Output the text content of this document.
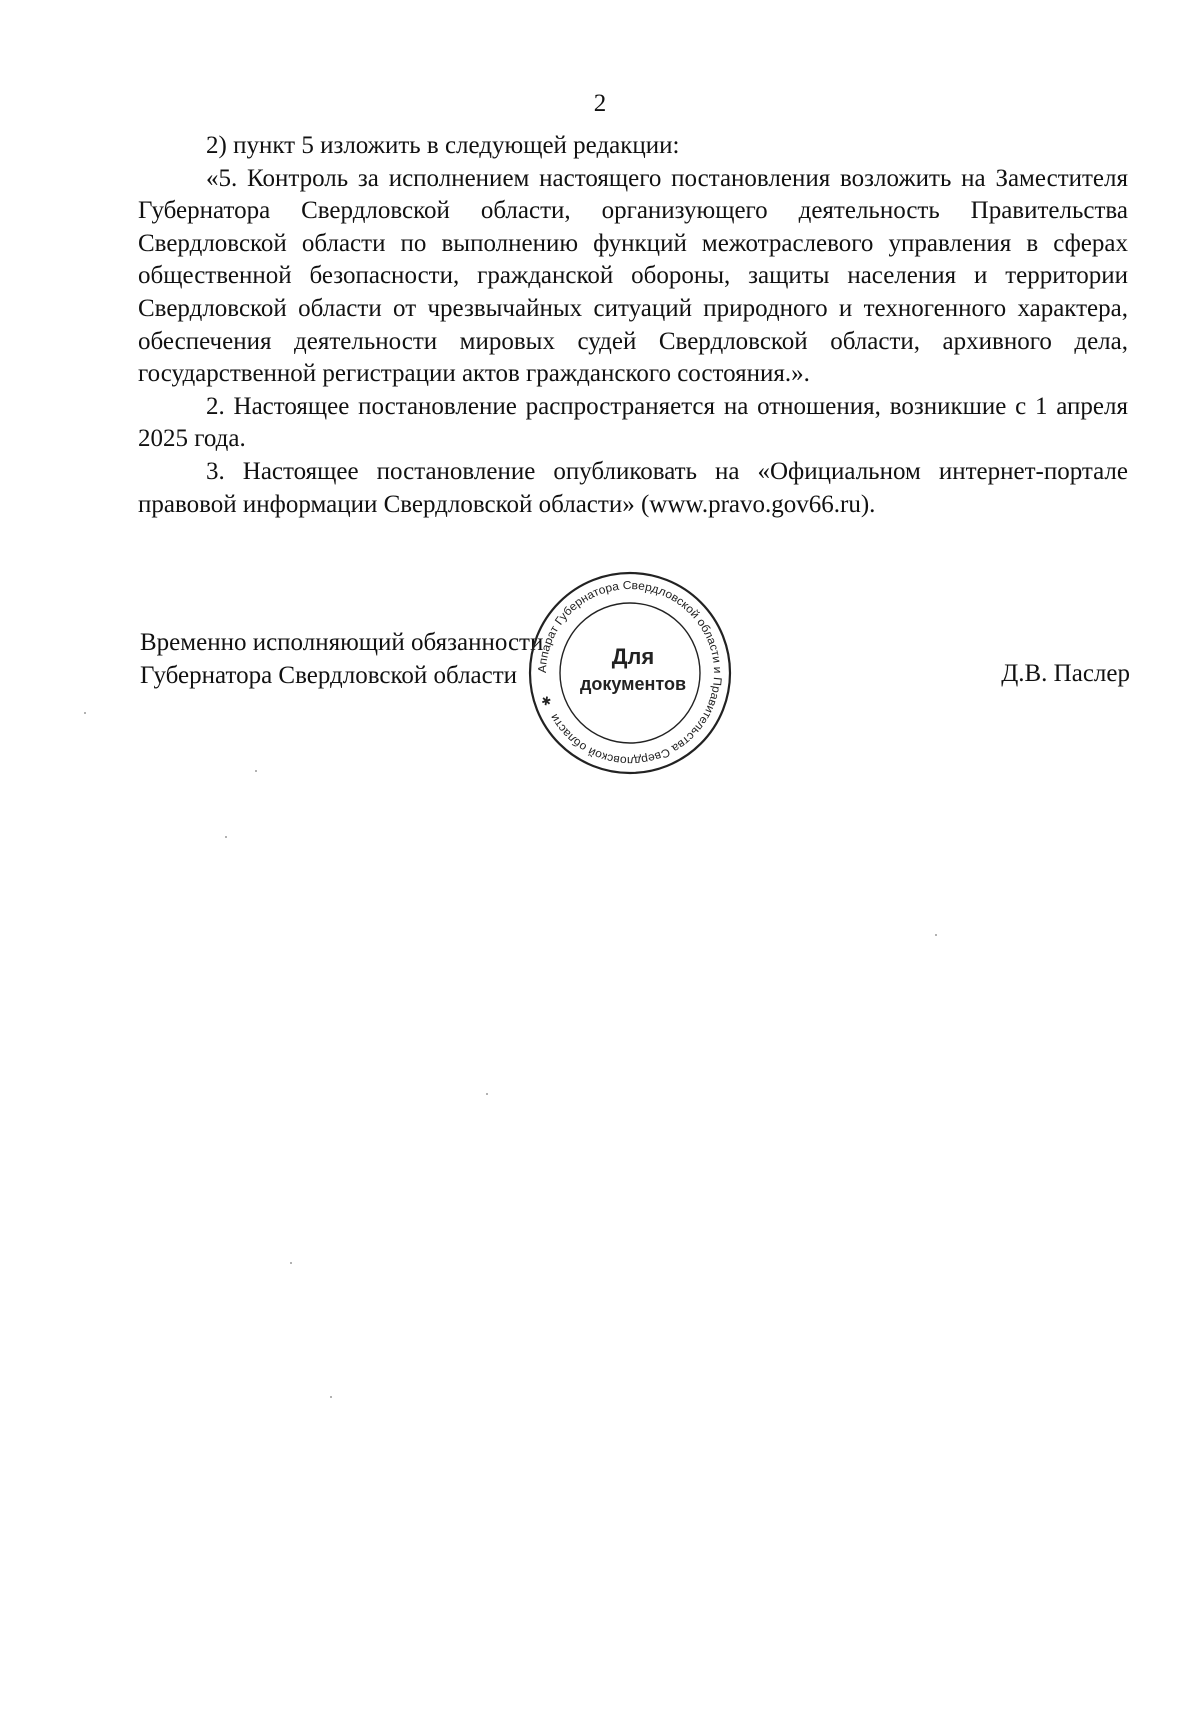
2

2) пункт 5 изложить в следующей редакции:

«5. Контроль за исполнением настоящего постановления возложить на Заместителя Губернатора Свердловской области, организующего деятельность Правительства Свердловской области по выполнению функций межотраслевого управления в сферах общественной безопасности, гражданской обороны, защиты населения и территории Свердловской области от чрезвычайных ситуаций природного и техногенного характера, обеспечения деятельности мировых судей Свердловской области, архивного дела, государственной регистрации актов гражданского состояния.».

2. Настоящее постановление распространяется на отношения, возникшие с 1 апреля 2025 года.

3. Настоящее постановление опубликовать на «Официальном интернет-портале правовой информации Свердловской области» (www.pravo.gov66.ru).

Временно исполняющий обязанности
Губернатора Свердловской области	Д.В. Паслер
Аппарат Губернатора Свердловской области и Правительства Свердловской области ✱
Для
документов
